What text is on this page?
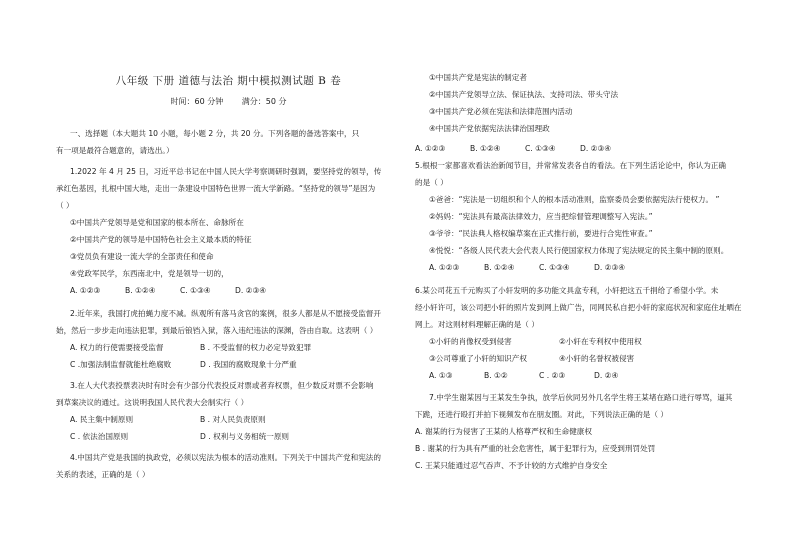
八年级 下册 道德与法治 期中模拟测试题 B 卷
时间：60 分钟 满分：50 分
一、选择题（本大题共 10 小题，每小题 2 分，共 20 分。下列各题的备选答案中，只
有一项是最符合题意的，请选出。）
1.2022 年 4 月 25 日，习近平总书记在中国人民大学考察调研时强调，要坚持党的领导，传
承红色基因，扎根中国大地，走出一条建设中国特色世界一流大学新路。“坚持党的领导”是因为
（ ）
①中国共产党领导是党和国家的根本所在、命脉所在
②中国共产党的领导是中国特色社会主义最本质的特征
③党员负有建设一流大学的全部责任和使命
④党政军民学，东西南北中，党是领导一切的，
A. ①②③	B. ①②④	C. ①③④	D. ②③④
2.近年来，我国打虎拍蝇力度不减。纵观所有落马贪官的案例，很多人都是从不愿接受监督开
始，然后一步步走向违法犯罪，到最后锒铛入狱，落入违纪违法的深渊，咎由自取。这表明（ ）
A. 权力的行使需要接受监督	B . 不受监督的权力必定导致犯罪
C .加强法制监督就能杜绝腐败	D . 我国的腐败现象十分严重
3.在人大代表投票表决时有时会有少部分代表投反对票或者弃权票，但少数反对票不会影响
到草案决议的通过。这说明我国人民代表大会制实行（ ）
A. 民主集中制原则	B . 对人民负责原则
C . 依法治国原则	D . 权利与义务相统一原则
4.中国共产党是我国的执政党，必须以宪法为根本的活动准则。下列关于中国共产党和宪法的
关系的表述，正确的是（ ）
①中国共产党是宪法的制定者
②中国共产党领导立法、保证执法、支持司法、带头守法
③中国共产党必须在宪法和法律范围内活动
④中国共产党依据宪法法律治国理政
A. ①②③	B. ①②④	C. ①③④	D. ②③④
5.根根一家都喜欢看法治新闻节目，并常常发表各自的看法。在下列生活论论中，你认为正确
的是（ ）
①爸爸：“宪法是一切组织和个人的根本活动准则，监察委员会要依据宪法行使权力。 ”
②妈妈：“宪法具有最高法律效力，应当把综督管理调整写入宪法。”
③爷爷：“民法典人格权编草案在正式推行前，要进行合宪性审查。”
④悦悦：“各级人民代表大会代表人民行使国家权力体现了宪法规定的民主集中制的原则。
A. ①②③	B. ①②④	C. ①③④	D. ②③④
6.某公司花五千元购买了小轩发明的多功能文具盒专利，小轩把这五千捐给了希望小学。未
经小轩许可，该公司把小轩的照片发到网上做广告，同网民私自把小轩的家庭状况和家庭住址晒在
网上。对这则材料理解正确的是（ ）
①小轩的肖像权受到侵害	②小轩在专利权中使用权
③公司尊重了小轩的知识产权	④小轩的名誉权被侵害
A. ①③	B. ①②	C . ②③	D. ②④
7.中学生谢某因与王某发生争执，放学后伙同另外几名学生将王某堵在路口进行辱骂，逼其
下跪，还进行殴打并拍下视频发布在朋友圈。对此，下列说法正确的是（ ）
A. 谢某的行为侵害了王某的人格尊严权和生命健康权
B . 谢某的行为具有严重的社会危害性，属于犯罪行为，应受到刑罚处罚
C. 王某只能通过忍气吞声、不予计较的方式维护自身安全
